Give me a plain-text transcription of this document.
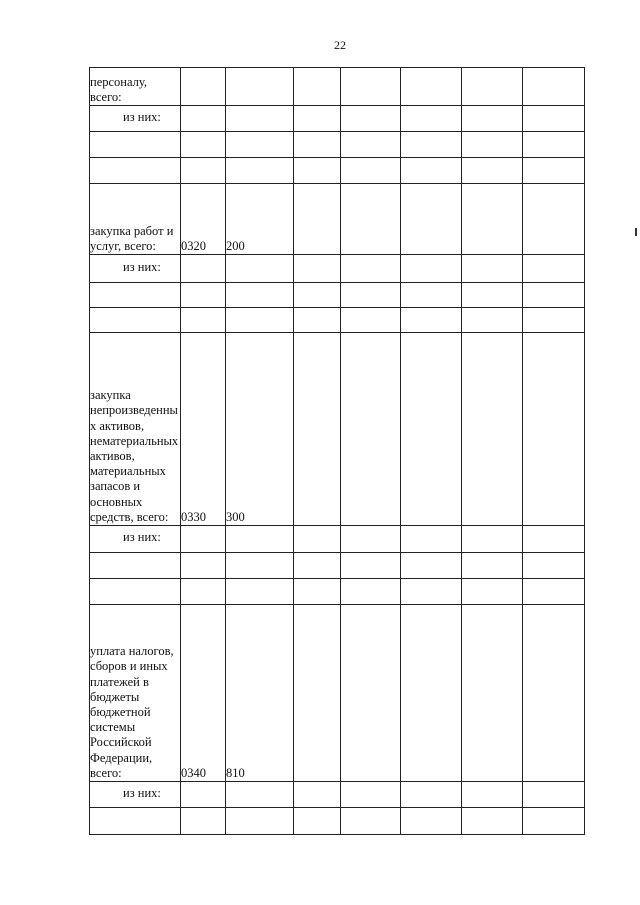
22
персоналу, всего:							
из них:							

закупка работ и услуг, всего:	0320	200					
из них:							

закупка непроизведенных активов, нематериальных активов, материальных запасов и основных средств, всего:	0330	300					
из них:							

уплата налогов, сборов и иных платежей в бюджеты бюджетной системы Российской Федерации, всего:	0340	810					
из них:							
